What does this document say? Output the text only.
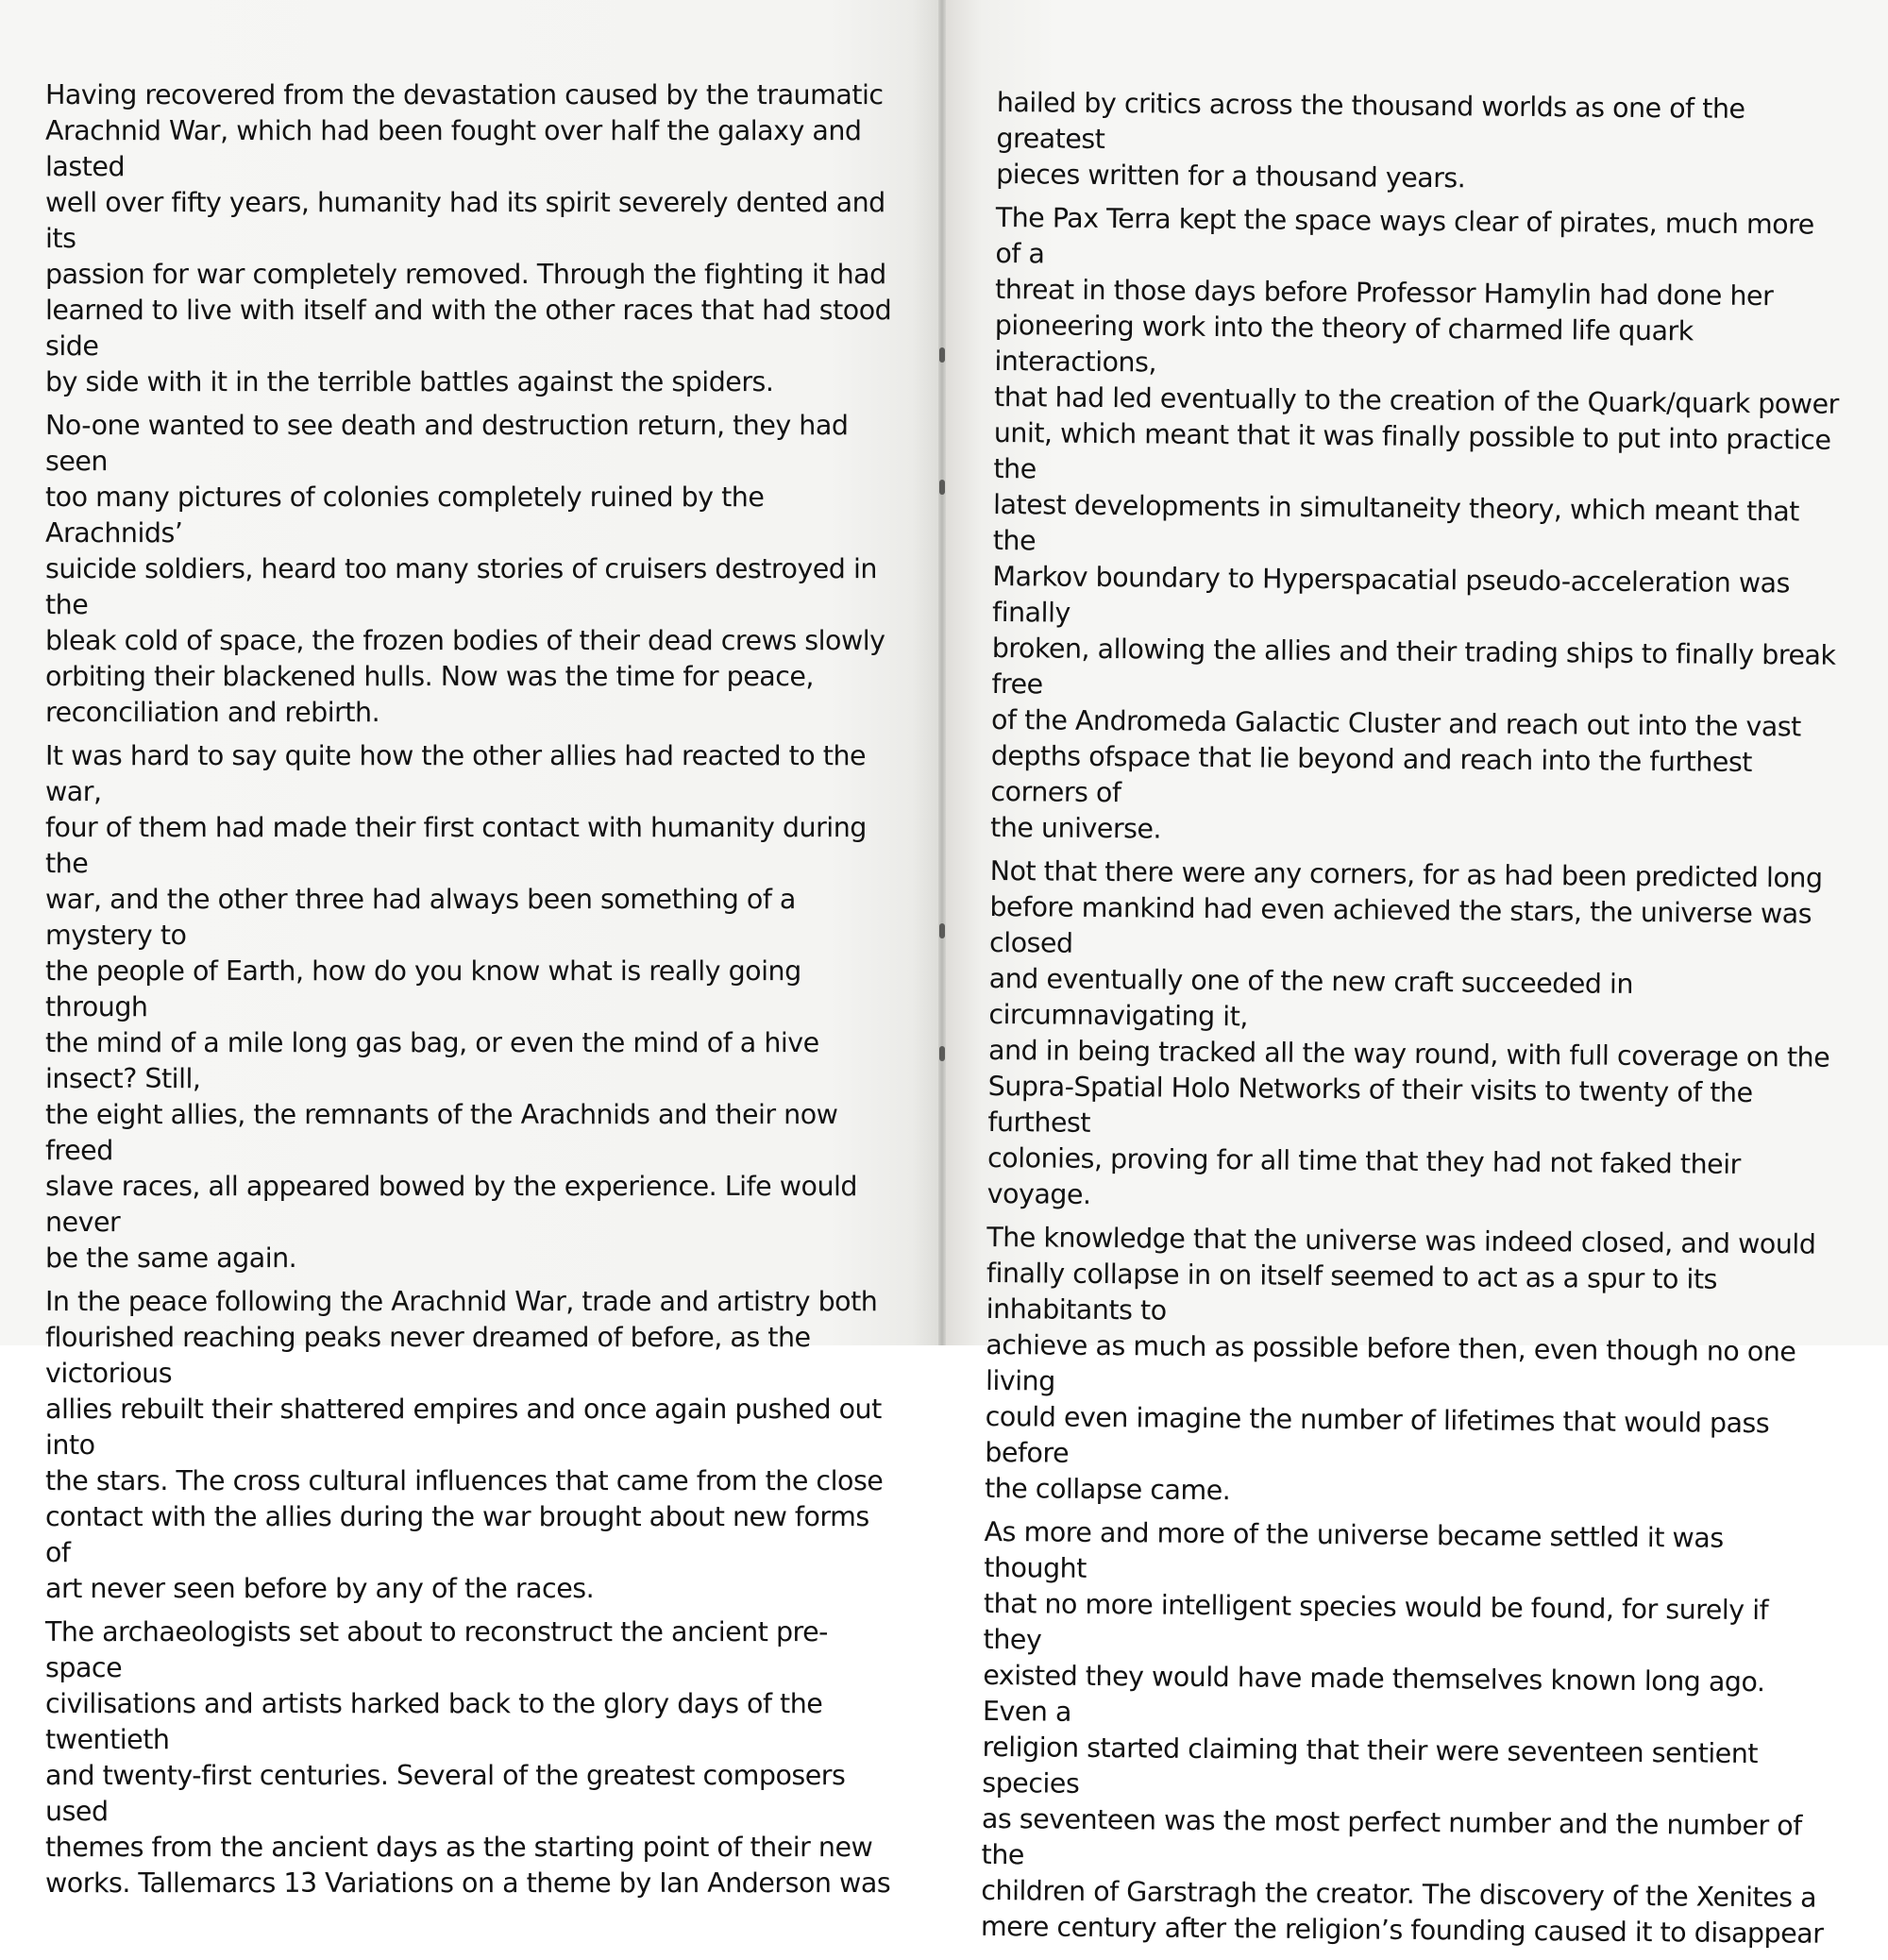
Having recovered from the devastation caused by the traumatic
Arachnid War, which had been fought over half the galaxy and lasted
well over fifty years, humanity had its spirit severely dented and its
passion for war completely removed. Through the fighting it had
learned to live with itself and with the other races that had stood side
by side with it in the terrible battles against the spiders.

No-one wanted to see death and destruction return, they had seen
too many pictures of colonies completely ruined by the Arachnids’
suicide soldiers, heard too many stories of cruisers destroyed in the
bleak cold of space, the frozen bodies of their dead crews slowly
orbiting their blackened hulls. Now was the time for peace,
reconciliation and rebirth.

It was hard to say quite how the other allies had reacted to the war,
four of them had made their first contact with humanity during the
war, and the other three had always been something of a mystery to
the people of Earth, how do you know what is really going through
the mind of a mile long gas bag, or even the mind of a hive insect? Still,
the eight allies, the remnants of the Arachnids and their now freed
slave races, all appeared bowed by the experience. Life would never
be the same again.

In the peace following the Arachnid War, trade and artistry both
flourished reaching peaks never dreamed of before, as the victorious
allies rebuilt their shattered empires and once again pushed out into
the stars. The cross cultural influences that came from the close
contact with the allies during the war brought about new forms of
art never seen before by any of the races.

The archaeologists set about to reconstruct the ancient pre-space
civilisations and artists harked back to the glory days of the twentieth
and twenty-first centuries. Several of the greatest composers used
themes from the ancient days as the starting point of their new
works. Tallemarcs 13 Variations on a theme by Ian Anderson was

hailed by critics across the thousand worlds as one of the greatest
pieces written for a thousand years.

The Pax Terra kept the space ways clear of pirates, much more of a
threat in those days before Professor Hamylin had done her
pioneering work into the theory of charmed life quark interactions,
that had led eventually to the creation of the Quark/quark power
unit, which meant that it was finally possible to put into practice the
latest developments in simultaneity theory, which meant that the
Markov boundary to Hyperspacatial pseudo-acceleration was finally
broken, allowing the allies and their trading ships to finally break free
of the Andromeda Galactic Cluster and reach out into the vast
depths ofspace that lie beyond and reach into the furthest corners of
the universe.

Not that there were any corners, for as had been predicted long
before mankind had even achieved the stars, the universe was closed
and eventually one of the new craft succeeded in circumnavigating it,
and in being tracked all the way round, with full coverage on the
Supra-Spatial Holo Networks of their visits to twenty of the furthest
colonies, proving for all time that they had not faked their voyage.

The knowledge that the universe was indeed closed, and would
finally collapse in on itself seemed to act as a spur to its inhabitants to
achieve as much as possible before then, even though no one living
could even imagine the number of lifetimes that would pass before
the collapse came.

As more and more of the universe became settled it was thought
that no more intelligent species would be found, for surely if they
existed they would have made themselves known long ago. Even a
religion started claiming that their were seventeen sentient species
as seventeen was the most perfect number and the number of the
children of Garstragh the creator. The discovery of the Xenites a
mere century after the religion’s founding caused it to disappear
